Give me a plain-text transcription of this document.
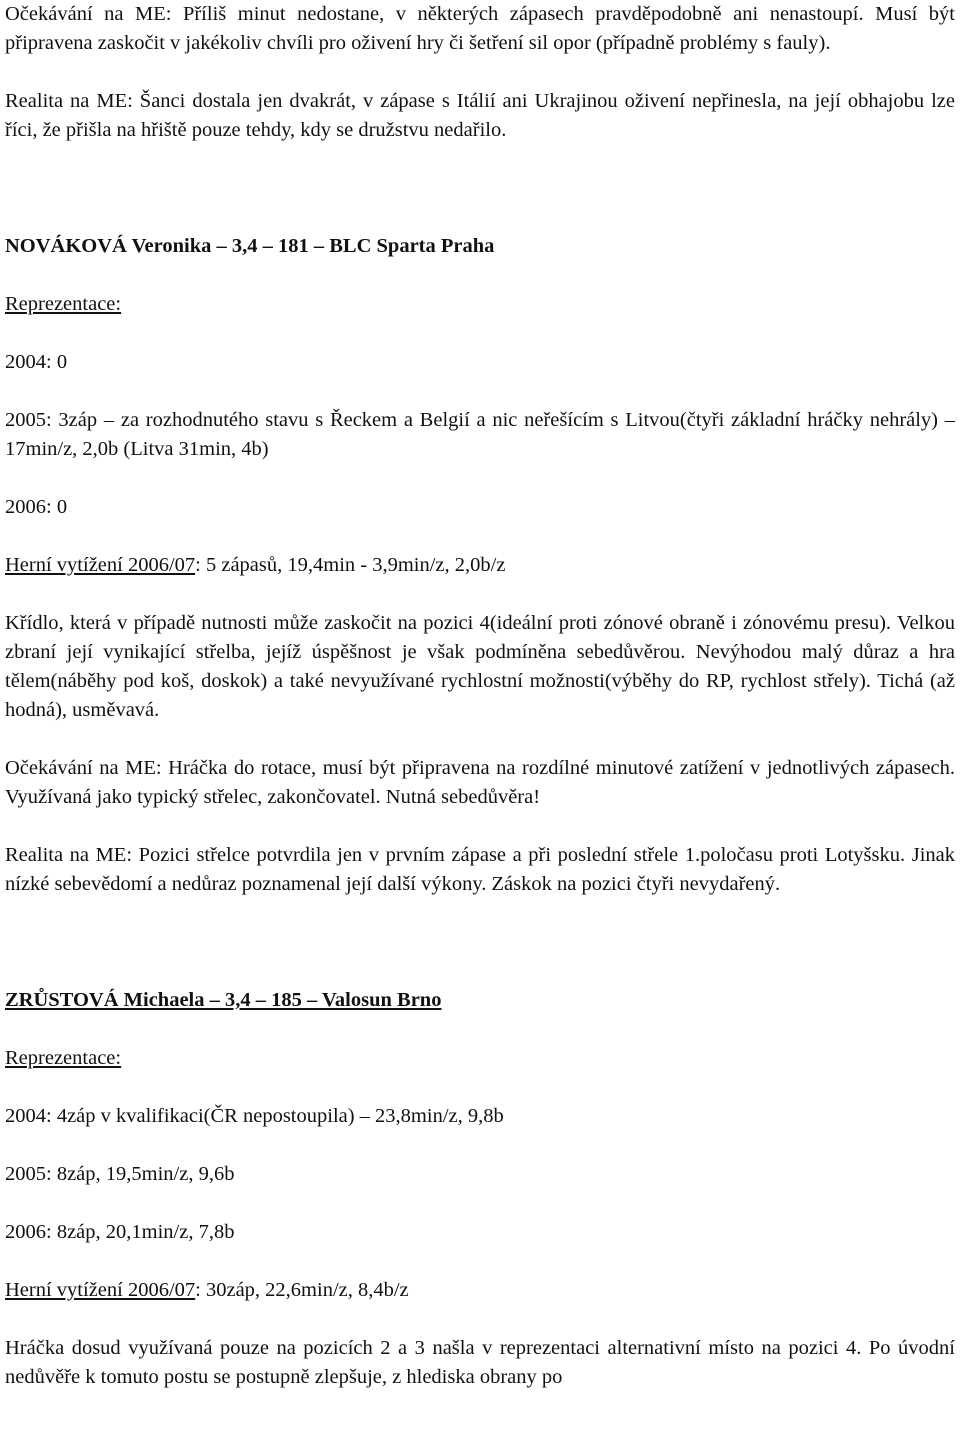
Očekávání na ME: Příliš minut nedostane, v některých zápasech pravděpodobně ani nenastoupí. Musí být připravena zaskočit v jakékoliv chvíli pro oživení hry či šetření sil opor (případně problémy s fauly).

Realita na ME: Šanci dostala jen dvakrát, v zápase s Itálií ani Ukrajinou oživení nepřinesla, na její obhajobu lze říci, že přišla na hřiště pouze tehdy, kdy se družstvu nedařilo.

NOVÁKOVÁ Veronika – 3,4 – 181 – BLC Sparta Praha

Reprezentace:

2004: 0

2005: 3záp – za rozhodnutého stavu s Řeckem a Belgií a nic neřešícím s Litvou(čtyři základní hráčky nehrály) – 17min/z, 2,0b (Litva 31min, 4b)

2006: 0

Herní vytížení 2006/07: 5 zápasů, 19,4min - 3,9min/z, 2,0b/z

Křídlo, která v případě nutnosti může zaskočit na pozici 4(ideální proti zónové obraně i zónovému presu). Velkou zbraní její vynikající střelba, jejíž úspěšnost je však podmíněna sebedůvěrou. Nevýhodou malý důraz a hra tělem(náběhy pod koš, doskok) a také nevyužívané rychlostní možnosti(výběhy do RP, rychlost střely). Tichá (až hodná), usměvavá.

Očekávání na ME: Hráčka do rotace, musí být připravena na rozdílné minutové zatížení v jednotlivých zápasech. Využívaná jako typický střelec, zakončovatel. Nutná sebedůvěra!

Realita na ME: Pozici střelce potvrdila jen v prvním zápase a při poslední střele 1.poločasu proti Lotyšsku. Jinak nízké sebevědomí a nedůraz poznamenal její další výkony. Záskok na pozici čtyři nevydařený.

ZRŮSTOVÁ Michaela – 3,4 – 185 – Valosun Brno

Reprezentace:

2004: 4záp v kvalifikaci(ČR nepostoupila) – 23,8min/z, 9,8b

2005: 8záp, 19,5min/z, 9,6b

2006: 8záp, 20,1min/z, 7,8b

Herní vytížení 2006/07: 30záp, 22,6min/z, 8,4b/z

Hráčka dosud využívaná pouze na pozicích 2 a 3 našla v reprezentaci alternativní místo na pozici 4. Po úvodní nedůvěře k tomuto postu se postupně zlepšuje, z hlediska obrany po
